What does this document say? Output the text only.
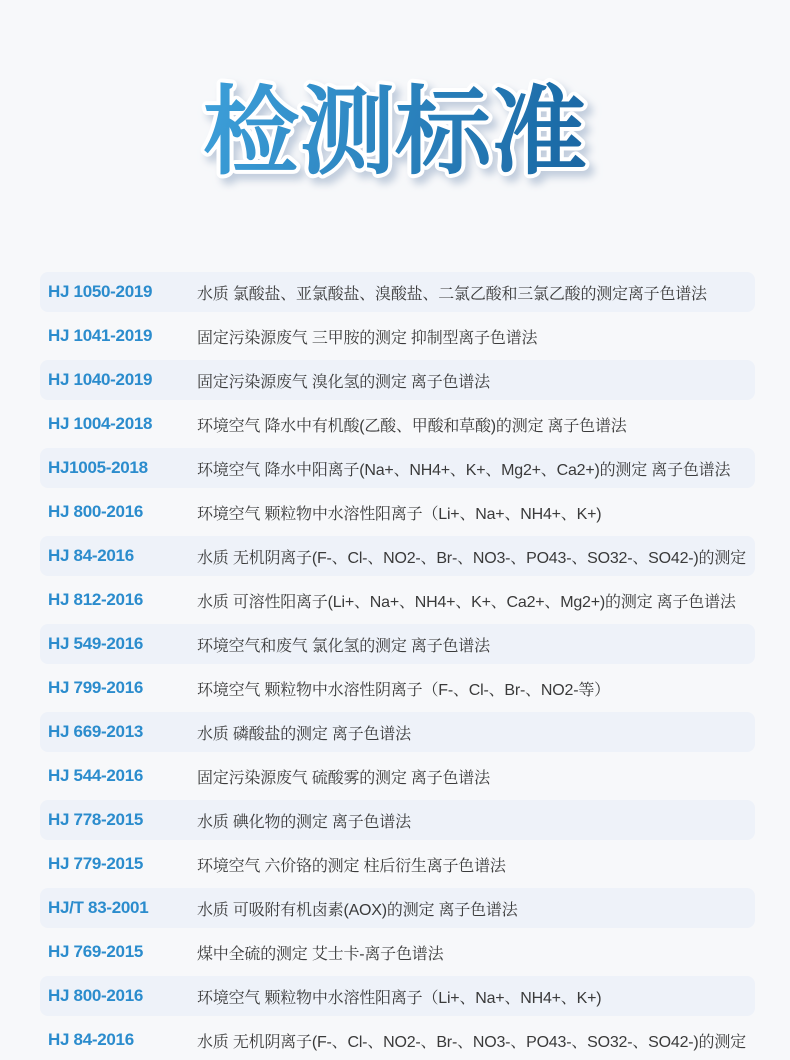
检测标准
HJ 1050-2019	水质 氯酸盐、亚氯酸盐、溴酸盐、二氯乙酸和三氯乙酸的测定离子色谱法
HJ 1041-2019	固定污染源废气 三甲胺的测定 抑制型离子色谱法
HJ 1040-2019	固定污染源废气 溴化氢的测定 离子色谱法
HJ 1004-2018	环境空气 降水中有机酸(乙酸、甲酸和草酸)的测定 离子色谱法
HJ1005-2018	环境空气 降水中阳离子(Na+、NH4+、K+、Mg2+、Ca2+)的测定 离子色谱法
HJ 800-2016	环境空气 颗粒物中水溶性阳离子（Li+、Na+、NH4+、K+)
HJ 84-2016	水质 无机阴离子(F-、Cl-、NO2-、Br-、NO3-、PO43-、SO32-、SO42-)的测定
HJ 812-2016	水质 可溶性阳离子(Li+、Na+、NH4+、K+、Ca2+、Mg2+)的测定 离子色谱法
HJ 549-2016	环境空气和废气 氯化氢的测定 离子色谱法
HJ 799-2016	环境空气 颗粒物中水溶性阴离子（F-、Cl-、Br-、NO2-等）
HJ 669-2013	水质 磷酸盐的测定 离子色谱法
HJ 544-2016	固定污染源废气 硫酸雾的测定 离子色谱法
HJ 778-2015	水质 碘化物的测定 离子色谱法
HJ 779-2015	环境空气 六价铬的测定 柱后衍生离子色谱法
HJ/T 83-2001	水质 可吸附有机卤素(AOX)的测定 离子色谱法
HJ 769-2015	煤中全硫的测定 艾士卡-离子色谱法
HJ 800-2016	环境空气 颗粒物中水溶性阳离子（Li+、Na+、NH4+、K+)
HJ 84-2016	水质 无机阴离子(F-、Cl-、NO2-、Br-、NO3-、PO43-、SO32-、SO42-)的测定
